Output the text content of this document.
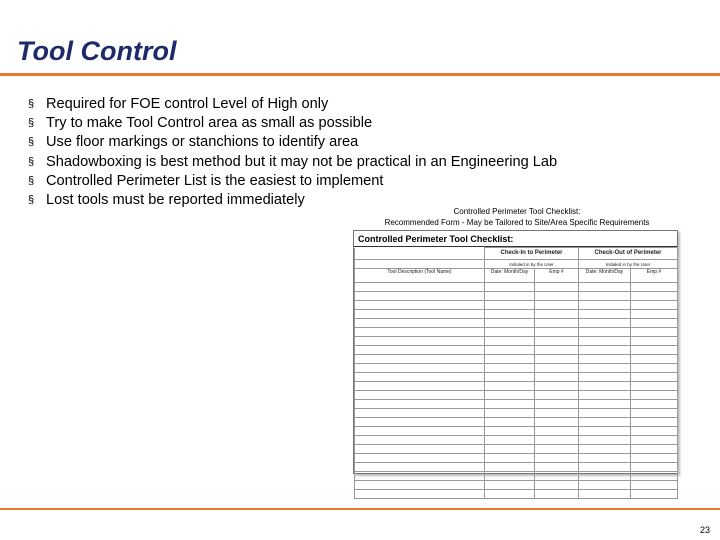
Tool Control
§ Required for FOE control Level of High only
§ Try to make Tool Control area as small as possible
§ Use floor markings or stanchions to identify area
§ Shadowboxing is best method but it may not be practical in an Engineering Lab
§ Controlled Perimeter List is the easiest to implement
§ Lost tools must be reported immediately
Controlled Perimeter Tool Checklist:
Recommended Form - May be Tailored to Site/Area Specific Requirements
Controlled Perimeter Tool Checklist:
	Check-In to Perimeter		Check-Out of Perimeter	
	Initialed in by the User		Initialed in by the User	
Tool Description (Tool Name)	Date: Month/Day	Emp #	Date: Month/Day	Emp #

23
